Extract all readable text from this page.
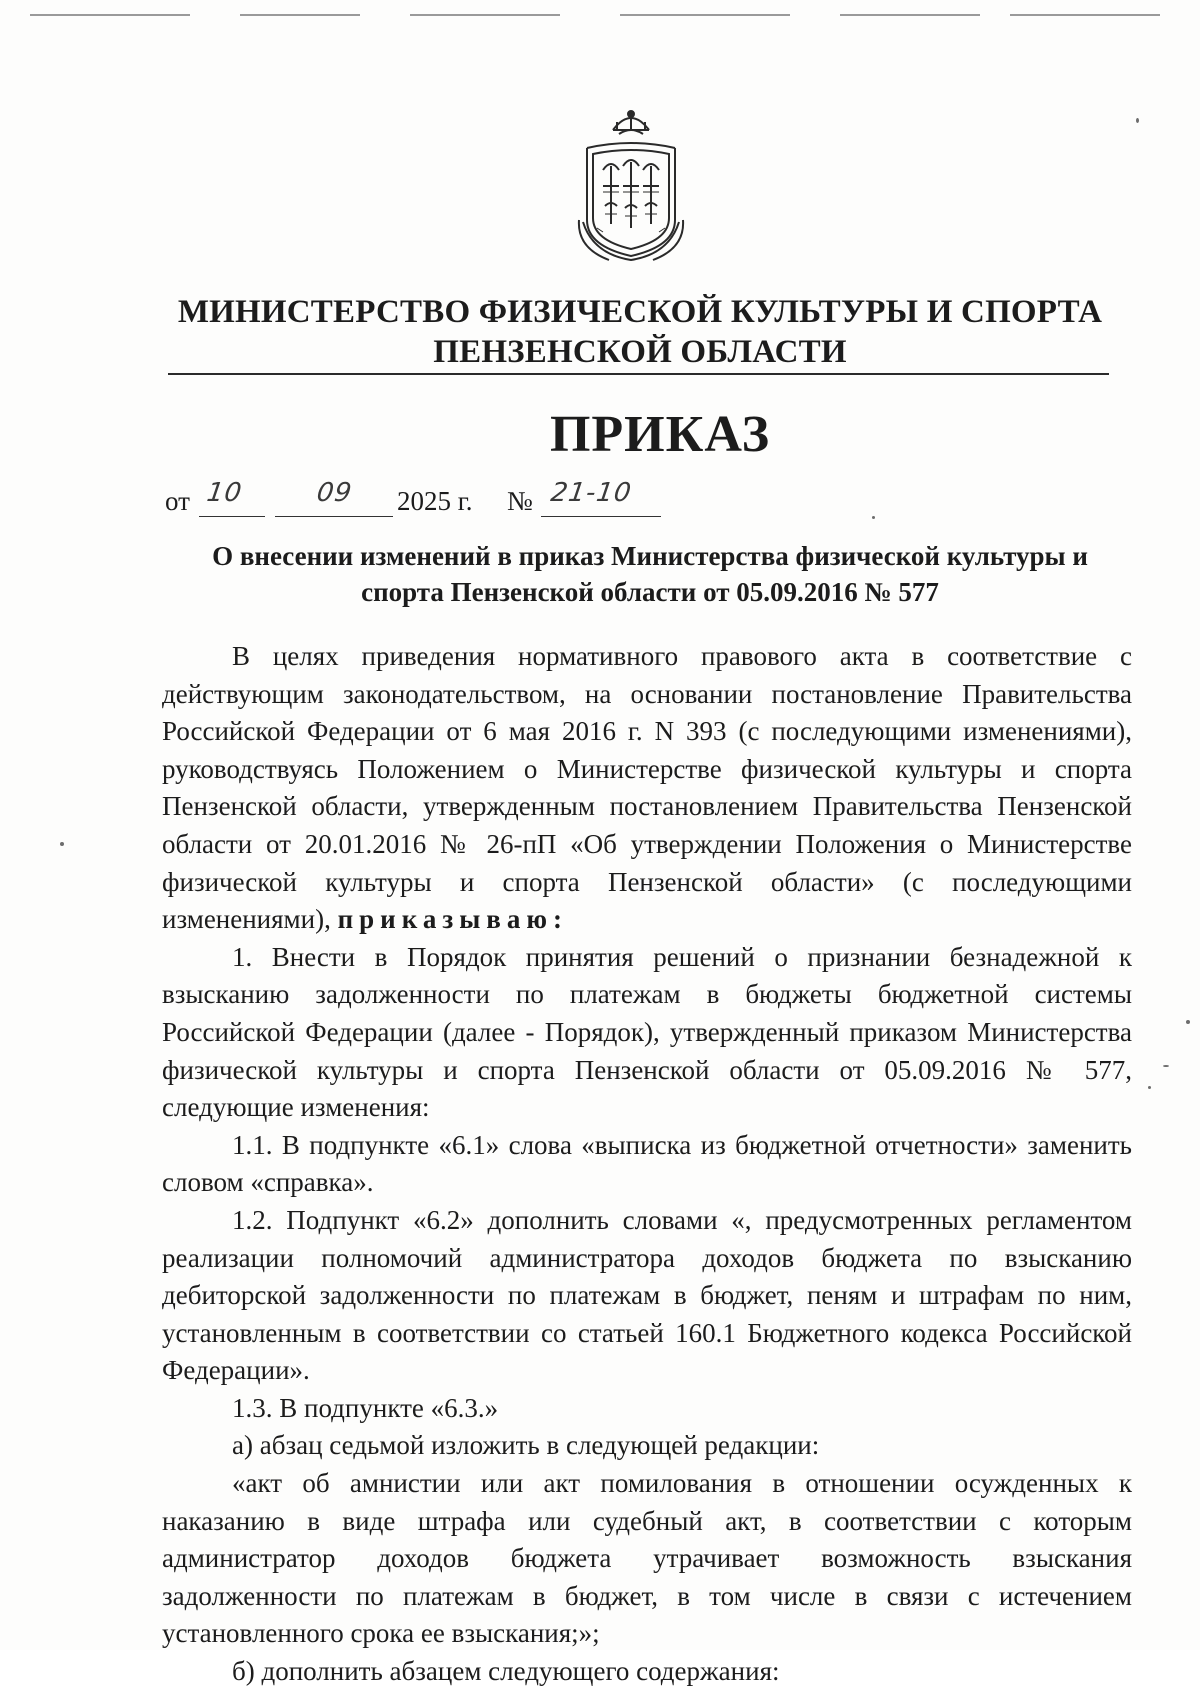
МИНИСТЕРСТВО ФИЗИЧЕСКОЙ КУЛЬТУРЫ И СПОРТА
ПЕНЗЕНСКОЙ ОБЛАСТИ
ПРИКАЗ
от 10	09 2025 г. № 21-10
О внесении изменений в приказ Министерства физической культуры и
спорта Пензенской области от 05.09.2016 № 577

В целях приведения нормативного правового акта в соответствие с действующим законодательством, на основании постановление Правительства Российской Федерации от 6 мая 2016 г. N 393 (с последующими изменениями), руководствуясь Положением о Министерстве физической культуры и спорта Пензенской области, утвержденным постановлением Правительства Пензенской области от 20.01.2016 № 26-пП «Об утверждении Положения о Министерстве физической культуры и спорта Пензенской области» (с последующими изменениями), приказываю:

1. Внести в Порядок принятия решений о признании безнадежной к взысканию задолженности по платежам в бюджеты бюджетной системы Российской Федерации (далее - Порядок), утвержденный приказом Министерства физической культуры и спорта Пензенской области от 05.09.2016 № 577, следующие изменения:

1.1. В подпункте «6.1» слова «выписка из бюджетной отчетности» заменить словом «справка».

1.2. Подпункт «6.2» дополнить словами «, предусмотренных регламентом реализации полномочий администратора доходов бюджета по взысканию дебиторской задолженности по платежам в бюджет, пеням и штрафам по ним, установленным в соответствии со статьей 160.1 Бюджетного кодекса Российской Федерации».

1.3. В подпункте «6.3.»

а) абзац седьмой изложить в следующей редакции:

«акт об амнистии или акт помилования в отношении осужденных к наказанию в виде штрафа или судебный акт, в соответствии с которым администратор доходов бюджета утрачивает возможность взыскания задолженности по платежам в бюджет, в том числе в связи с истечением установленного срока ее взыскания;»;

б) дополнить абзацем следующего содержания:
